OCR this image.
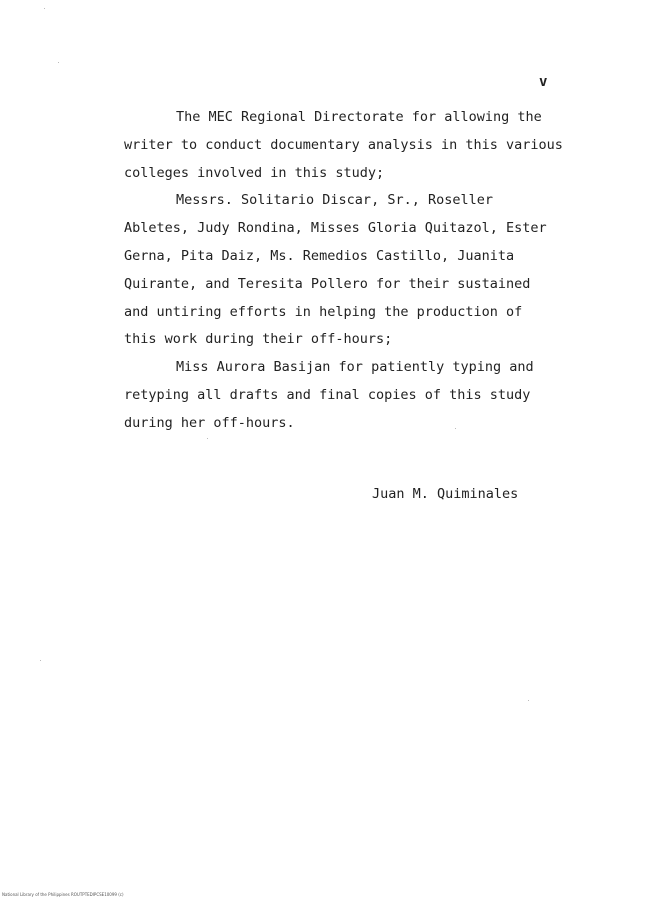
v

The MEC Regional Directorate for allowing the
writer to conduct documentary analysis in this various
colleges involved in this study;

Messrs. Solitario Discar, Sr., Roseller
Abletes, Judy Rondina, Misses Gloria Quitazol, Ester
Gerna, Pita Daiz, Ms. Remedios Castillo, Juanita
Quirante, and Teresita Pollero for their sustained
and untiring efforts in helping the production of
this work during their off-hours;

Miss Aurora Basijan for patiently typing and
retyping all drafts and final copies of this study
during her off-hours.

Juan M. Quiminales
National Library of the Philippines ROUTPTEDIPCSE10099 (c)
